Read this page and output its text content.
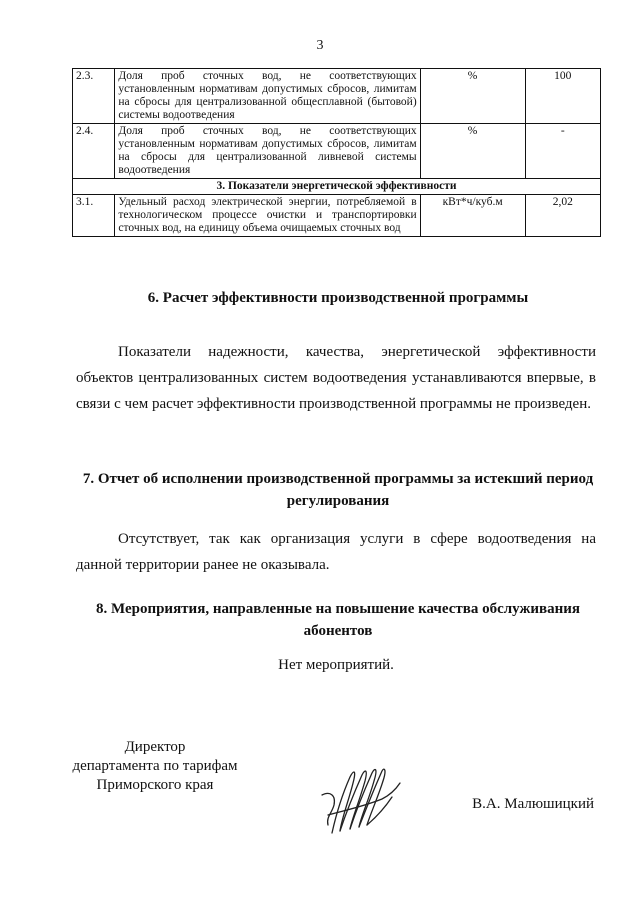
3
2.3.	Доля проб сточных вод, не соответствующих установленным нормативам допустимых сбросов, лимитам на сбросы для централизованной общесплавной (бытовой) системы водоотведения	%	100
2.4.	Доля проб сточных вод, не соответствующих установленным нормативам допустимых сбросов, лимитам на сбросы для централизованной ливневой системы водоотведения	%	-
3. Показатели энергетической эффективности			
3.1.	Удельный расход электрической энергии, потребляемой в технологическом процессе очистки и транспортировки сточных вод, на единицу объема очищаемых сточных вод	кВт*ч/куб.м	2,02
6. Расчет эффективности производственной программы
Показатели надежности, качества, энергетической эффективности объектов централизованных систем водоотведения устанавливаются впервые, в связи с чем расчет эффективности производственной программы не произведен.
7. Отчет об исполнении производственной программы за истекший период регулирования
Отсутствует, так как организация услуги в сфере водоотведения на данной территории ранее не оказывала.
8. Мероприятия, направленные на повышение качества обслуживания абонентов
Нет мероприятий.
Директор
департамента по тарифам
Приморского края
В.А. Малюшицкий
